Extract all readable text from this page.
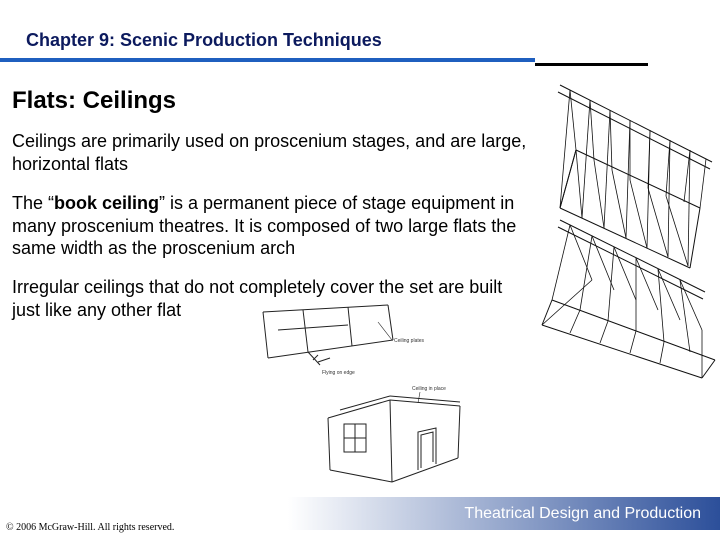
Chapter 9: Scenic Production Techniques
Flats: Ceilings

Ceilings are primarily used on proscenium stages, and are large, horizontal flats

The “book ceiling” is a permanent piece of stage equipment in many proscenium theatres. It is composed of two large flats the same width as the proscenium arch

Irregular ceilings that do not completely cover the set are built just like any other flat

Ceiling plates
Flying on edge
Ceiling in place
Theatrical Design and Production
© 2006 McGraw-Hill. All rights reserved.
